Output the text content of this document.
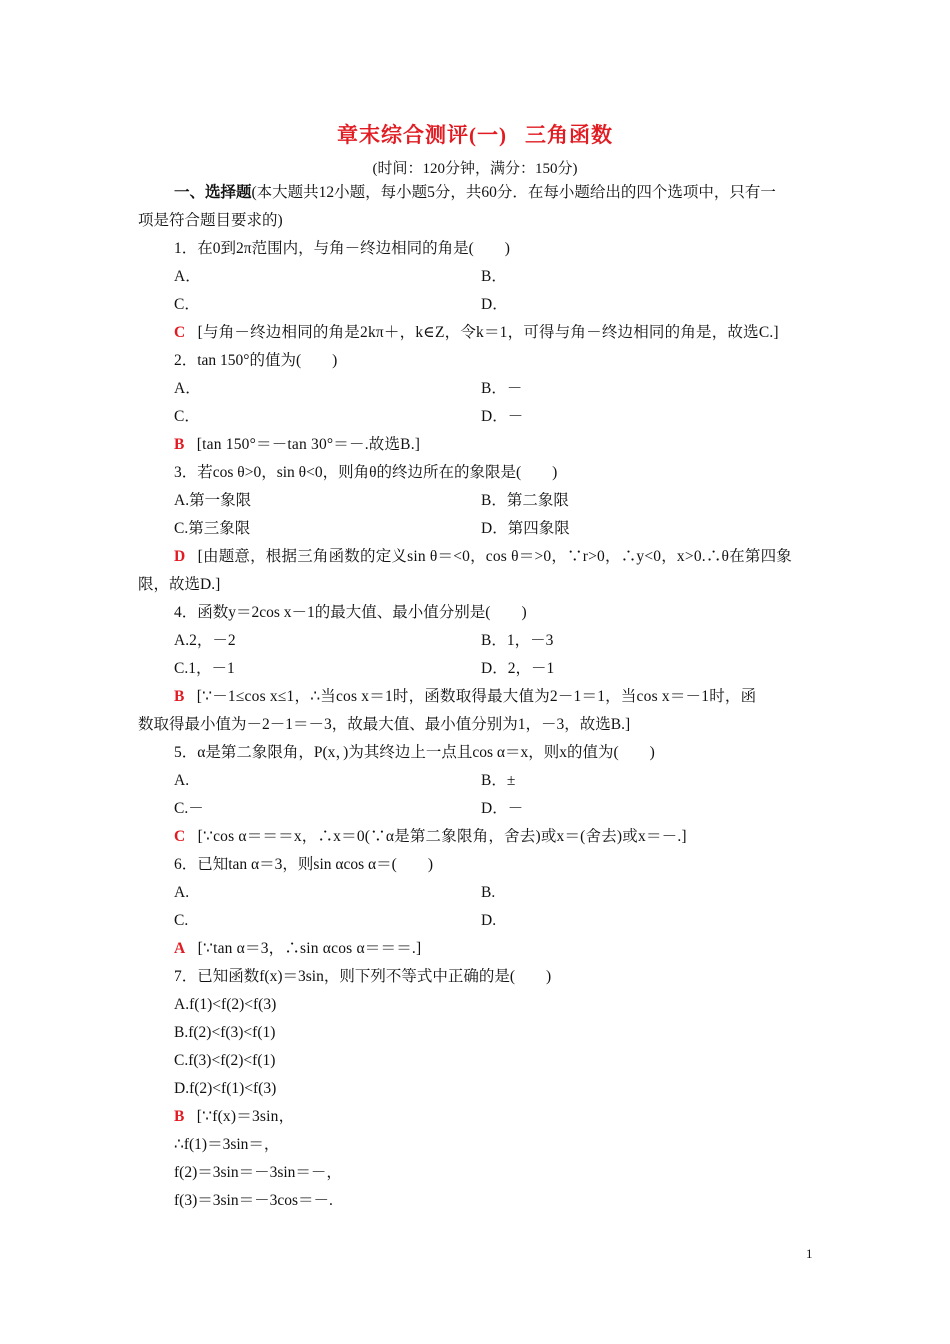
章末综合测评(一) 三角函数
(时间：120分钟，满分：150分)
一、选择题(本大题共12小题，每小题5分，共60分．在每小题给出的四个选项中，只有一
项是符合题目要求的)
1．在0到2π范围内，与角－终边相同的角是(　　)
A．	B．
C．	D．
C [与角－终边相同的角是2kπ＋，k∈Z，令k＝1，可得与角－终边相同的角是，故选C.]
2．tan 150°的值为(　　)
A．	B．－
C．	D．－
B [tan 150°＝－tan 30°＝－.故选B.]
3．若cos θ>0，sin θ<0，则角θ的终边所在的象限是(　　)
A.第一象限	B．第二象限
C.第三象限	D．第四象限
D [由题意，根据三角函数的定义sin θ＝<0，cos θ＝>0，∵r>0，∴y<0，x>0.∴θ在第四象
限，故选D.]
4．函数y＝2cos x－1的最大值、最小值分别是(　　)
A.2，－2	B．1，－3
C.1，－1	D．2，－1
B [∵－1≤cos x≤1，∴当cos x＝1时，函数取得最大值为2－1＝1，当cos x＝－1时，函
数取得最小值为－2－1＝－3，故最大值、最小值分别为1，－3，故选B.]
5．α是第二象限角，P(x，)为其终边上一点且cos α＝x，则x的值为(　　)
A.	B．±
C.－	D．－
C [∵cos α＝＝＝x，∴x＝0(∵α是第二象限角，舍去)或x＝(舍去)或x＝－.]
6．已知tan α＝3，则sin αcos α＝(　　)
A.	B.
C.	D.
A [∵tan α＝3，∴sin αcos α＝＝＝.]
7．已知函数f(x)＝3sin，则下列不等式中正确的是(　　)
A.f(1)<f(2)<f(3)
B.f(2)<f(3)<f(1)
C.f(3)<f(2)<f(1)
D.f(2)<f(1)<f(3)
B [∵f(x)＝3sin，
∴f(1)＝3sin＝，
f(2)＝3sin＝－3sin＝－，
f(3)＝3sin＝－3cos＝－.
1
